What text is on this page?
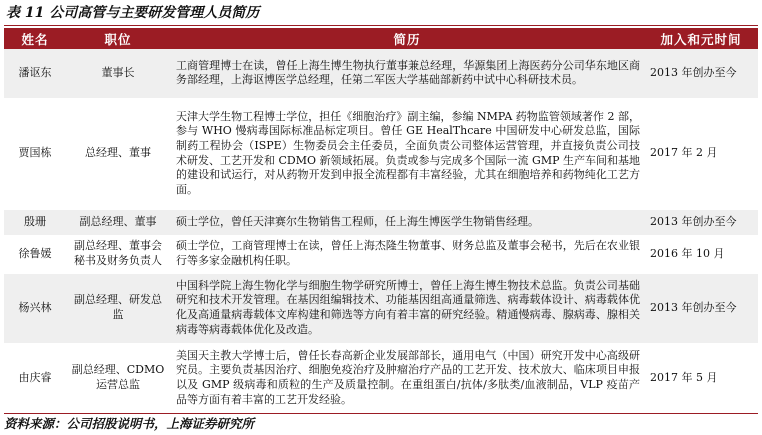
表 11 公司高管与主要研发管理人员简历
姓名	职位	简历	加入和元时间
潘讴东	董事长	工商管理博士在读，曾任上海生博生物执行董事兼总经理，华源集团上海医药分公司华东地区商务部经理，上海讴博医学总经理，任第二军医大学基础部新药中试中心科研技术员。	2013 年创办至今
贾国栋	总经理、董事	天津大学生物工程博士学位，担任《细胞治疗》副主编，参编 NMPA 药物监管领域著作 2 部，参与 WHO 慢病毒国际标准品标定项目。曾任 GE HealThcare 中国研发中心研发总监，国际制药工程协会（ISPE）生物委员会主任委员，全面负责公司整体运营管理，并直接负责公司技术研发、工艺开发和 CDMO 新领域拓展。负责或参与完成多个国际一流 GMP 生产车间和基地的建设和试运行，对从药物开发到申报全流程都有丰富经验，尤其在细胞培养和药物纯化工艺方面。	2017 年 2 月
殷珊	副总经理、董事	硕士学位，曾任天津赛尔生物销售工程师，任上海生博医学生物销售经理。	2013 年创办至今
徐鲁媛	副总经理、董事会秘书及财务负责人	硕士学位，工商管理博士在读，曾任上海杰隆生物董事、财务总监及董事会秘书，先后在农业银行等多家金融机构任职。	2016 年 10 月
杨兴林	副总经理、研发总监	中国科学院上海生物化学与细胞生物学研究所博士，曾任上海生博生物技术总监。负责公司基础研究和技术开发管理。在基因组编辑技术、功能基因组高通量筛选、病毒载体设计、病毒载体优化及高通量病毒载体文库构建和筛选等方向有着丰富的研究经验。精通慢病毒、腺病毒、腺相关病毒等病毒载体优化及改造。	2013 年创办至今
由庆睿	副总经理、CDMO 运营总监	美国天主教大学博士后，曾任长春高新企业发展部部长，通用电气（中国）研究开发中心高级研究员。主要负责基因治疗、细胞免疫治疗及肿瘤治疗产品的工艺开发、技术放大、临床项目申报以及 GMP 级病毒和质粒的生产及质量控制。在重组蛋白/抗体/多肽类/血液制品，VLP 疫苗产品等方面有着丰富的工艺开发经验。	2017 年 5 月
资料来源：公司招股说明书，上海证券研究所
